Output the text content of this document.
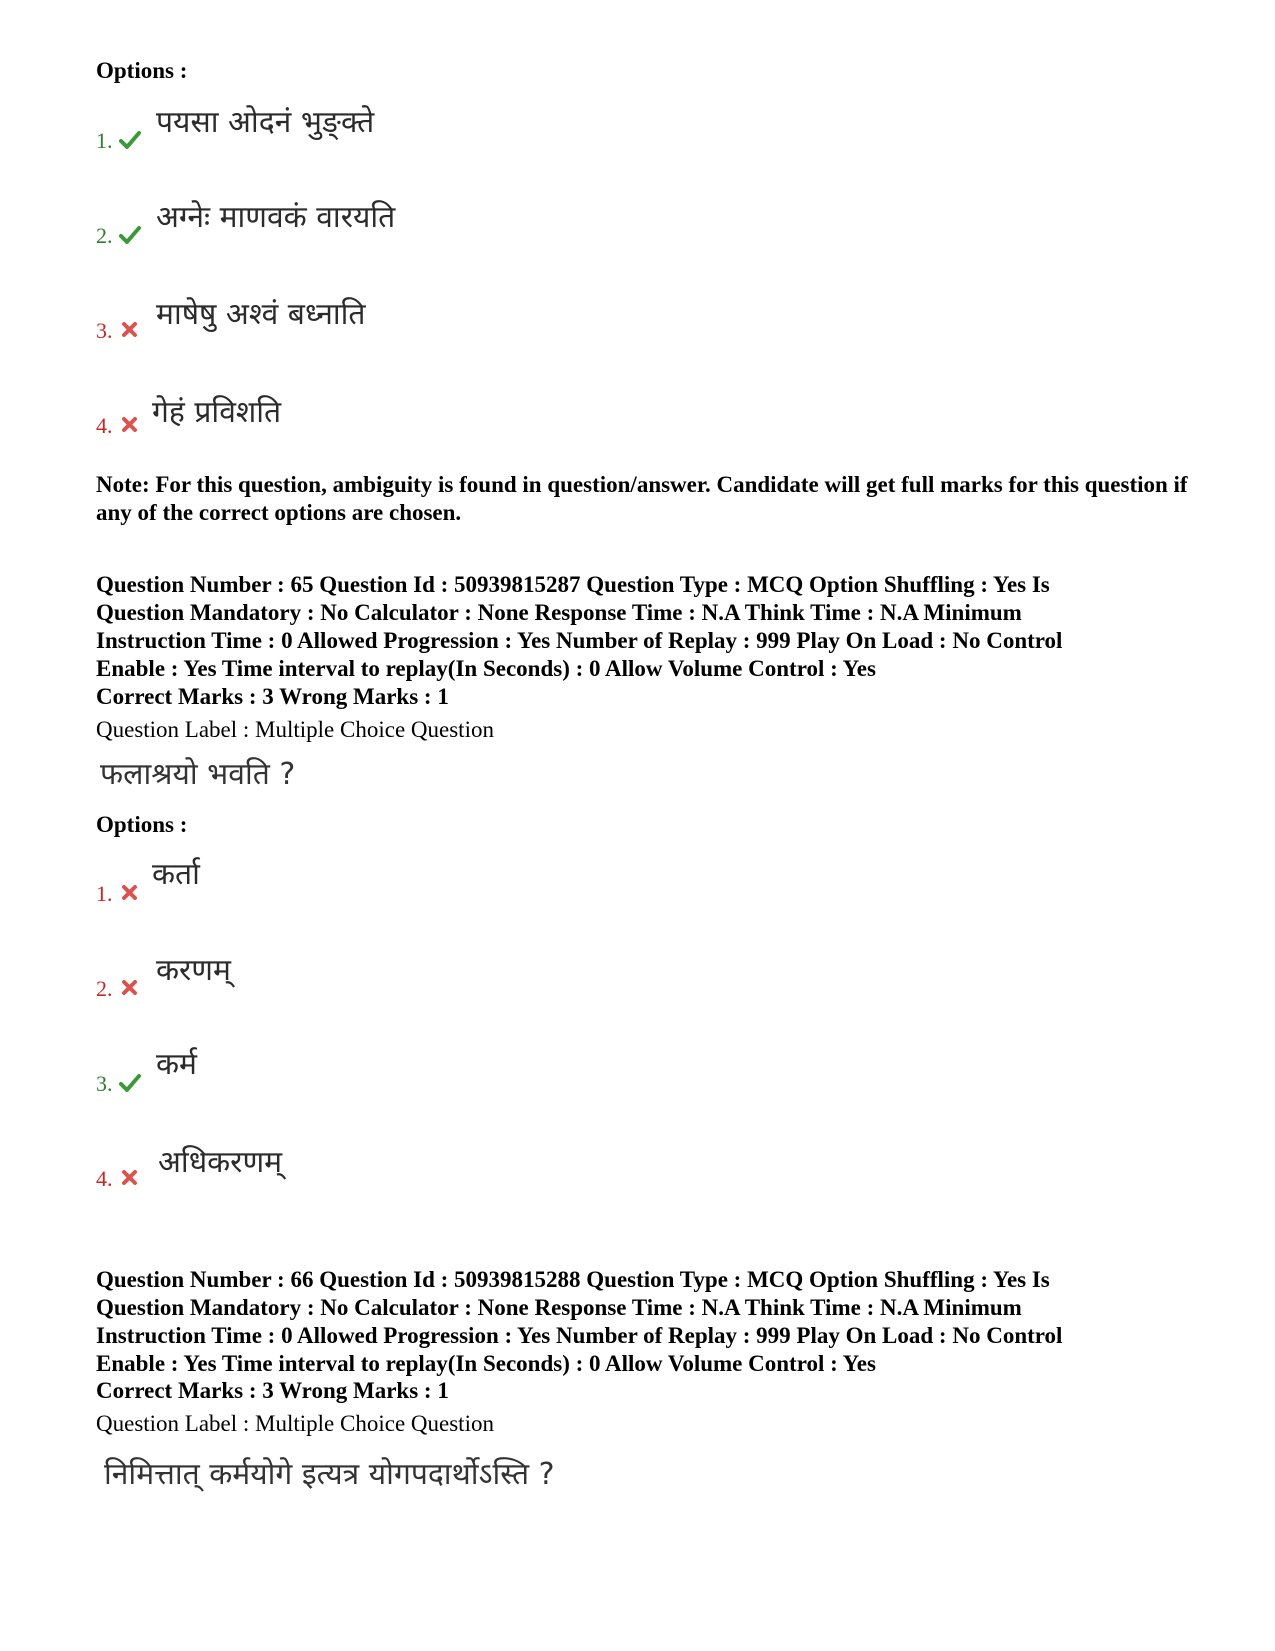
Options :
1.
पयसा ओदनं भुङ्क्ते
2.
अग्नेः माणवकं वारयति
3.	माषेषु अश्वं बध्नाति
4.	गेहं प्रविशति
Note: For this question, ambiguity is found in question/answer. Candidate will get full marks for this question if any of the correct options are chosen.
Question Number : 65 Question Id : 50939815287 Question Type : MCQ Option Shuffling : Yes Is
Question Mandatory : No Calculator : None Response Time : N.A Think Time : N.A Minimum
Instruction Time : 0 Allowed Progression : Yes Number of Replay : 999 Play On Load : No Control
Enable : Yes Time interval to replay(In Seconds) : 0 Allow Volume Control : Yes
Correct Marks : 3 Wrong Marks : 1
Question Label : Multiple Choice Question
फलाश्रयो भवति ?
Options :
1.
कर्ता
2.
करणम्
3.
कर्म
4.	अधिकरणम्
Question Number : 66 Question Id : 50939815288 Question Type : MCQ Option Shuffling : Yes Is
Question Mandatory : No Calculator : None Response Time : N.A Think Time : N.A Minimum
Instruction Time : 0 Allowed Progression : Yes Number of Replay : 999 Play On Load : No Control
Enable : Yes Time interval to replay(In Seconds) : 0 Allow Volume Control : Yes
Correct Marks : 3 Wrong Marks : 1
Question Label : Multiple Choice Question
निमित्तात् कर्मयोगे इत्यत्र योगपदार्थोऽस्ति ?
